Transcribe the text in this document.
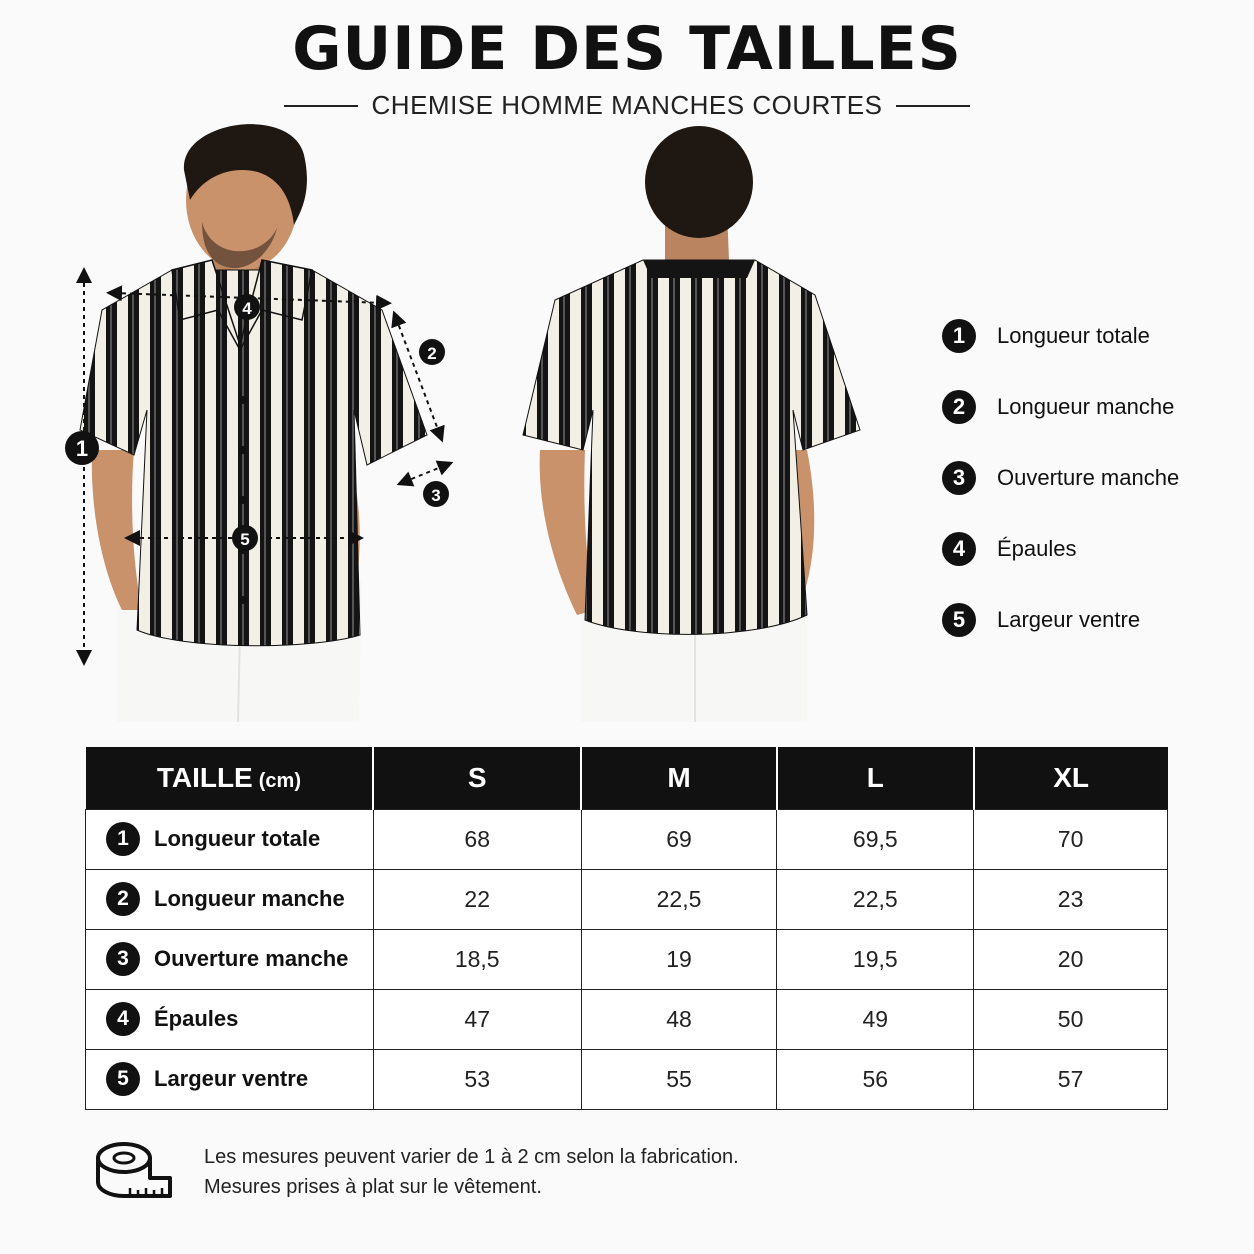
GUIDE DES TAILLES
CHEMISE HOMME MANCHES COURTES
1
2
3
4
5
1	Longueur totale
2	Longueur manche
3	Ouverture manche
4	Épaules
5	Largeur ventre
TAILLE (cm)	S	M	L	XL
1 Longueur totale	68	69	69,5	70
2 Longueur manche	22	22,5	22,5	23
3 Ouverture manche	18,5	19	19,5	20
4 Épaules	47	48	49	50
5 Largeur ventre	53	55	56	57
Les mesures peuvent varier de 1 à 2 cm selon la fabrication.
Mesures prises à plat sur le vêtement.
